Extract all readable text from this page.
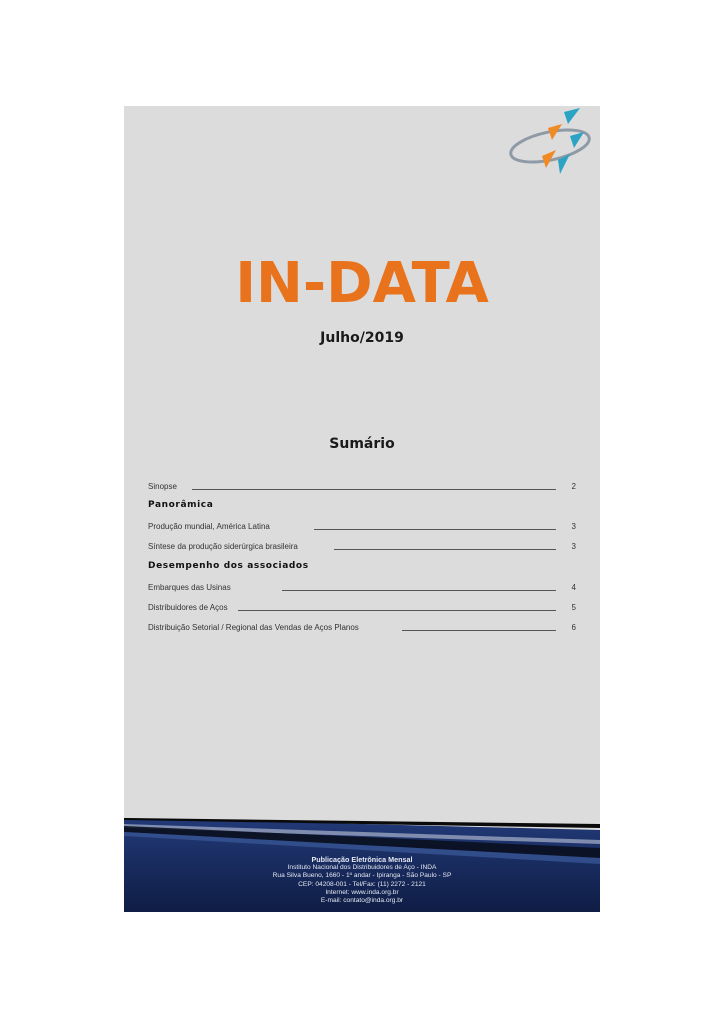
IN-DATA
Julho/2019
Sumário
Sinopse	2
Panorâmica
Produção mundial, América Latina	3
Síntese da produção siderúrgica brasileira	3
Desempenho dos associados
Embarques das Usinas	4
Distribuidores de Aços	5
Distribuição Setorial / Regional das Vendas de Aços Planos	6
Publicação Eletrônica Mensal
Instituto Nacional dos Distribuidores de Aço - INDA
Rua Silva Bueno, 1660 - 1º andar - Ipiranga - São Paulo - SP
CEP: 04208-001 - Tel/Fax: (11) 2272 - 2121
Internet: www.inda.org.br
E-mail: contato@inda.org.br
